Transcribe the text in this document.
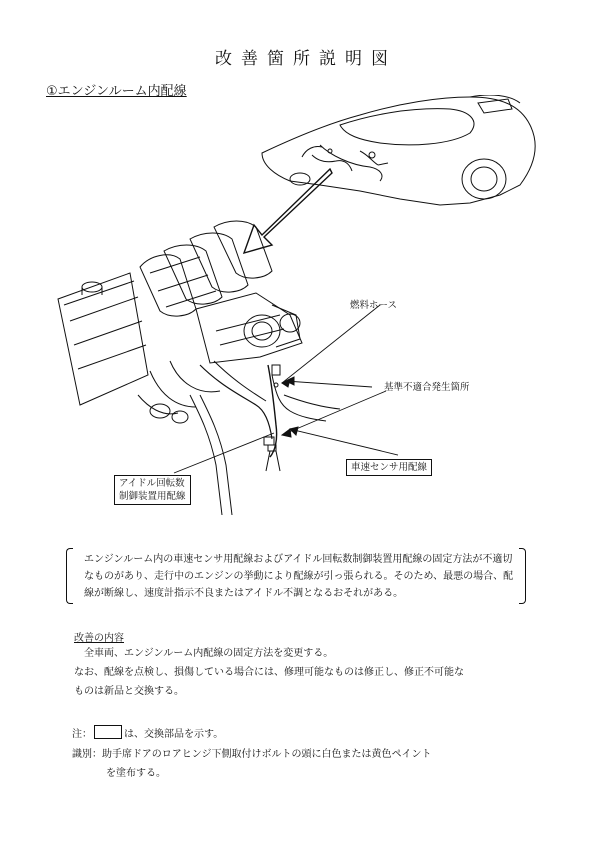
改善箇所説明図
①エンジンルーム内配線
燃料ホース
基準不適合発生箇所
車速センサ用配線
アイドル回転数
制御装置用配線

エンジンルーム内の車速センサ用配線およびアイドル回転数制御装置用配線の固定方法が不適切なものがあり、走行中のエンジンの挙動により配線が引っ張られる。そのため、最悪の場合、配線が断線し、速度計指示不良またはアイドル不調となるおそれがある。

改善の内容
全車両、エンジンルーム内配線の固定方法を変更する。
なお、配線を点検し、損傷している場合には、修理可能なものは修正し、修正不可能な
ものは新品と交換する。
注：	は、交換部品を示す。
識別：助手席ドアのロアヒンジ下側取付けボルトの頭に白色または黄色ペイント
を塗布する。
